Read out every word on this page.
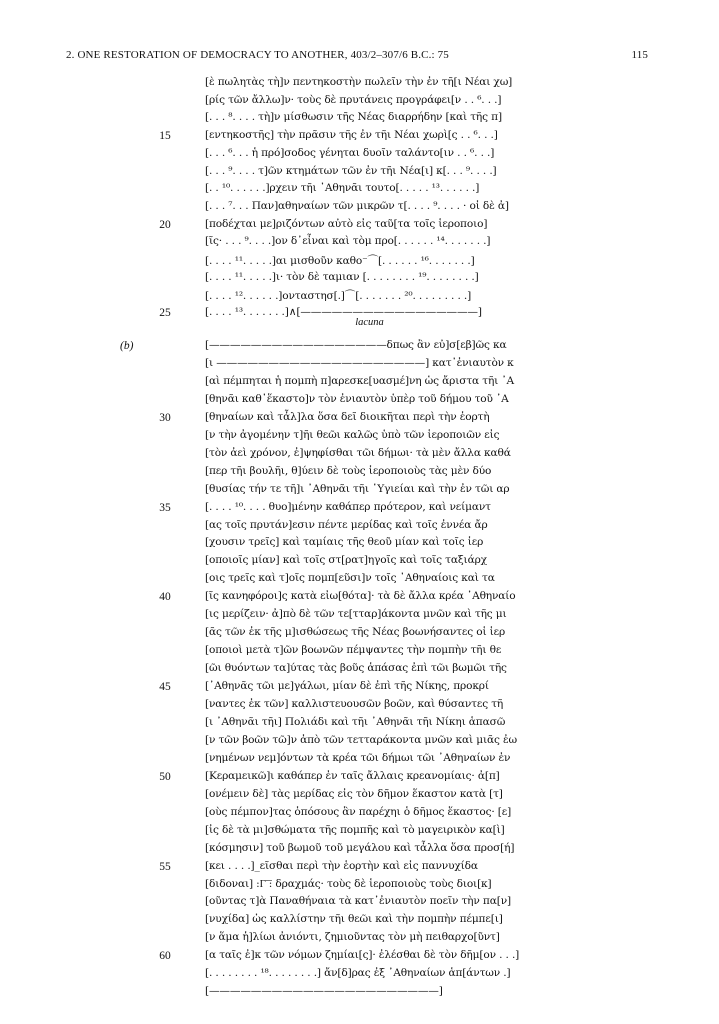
2. ONE RESTORATION OF DEMOCRACY TO ANOTHER, 403/2–307/6 B.C.: 75	115
[ὲ πωλητὰς τὴ]ν πεντηκοστὴν πωλεῖν τὴν ἐν τῆ[ι Νέαι χω]
[ρίς τῶν ἄλλω]ν· τοὺς δὲ πρυτάνεις προγράφει[ν . . ⁶. . .]
[. . . ⁸. . . . τὴ]ν μίσθωσιν τῆς Νέας διαρρήδην [καὶ τῆς π]
15	[εντηκοστῆς] τὴν πρᾶσιν τῆς ἐν τῆι Νέαι χωρὶ[ς . . ⁶. . .]
[. . . ⁶. . . ἡ πρό]σοδος γένηται δυοῖν ταλάντο[ιν . . ⁶. . .]
[. . . ⁹. . . . τ]ῶν κτημάτων τῶν ἐν τῆι Νέα[ι] κ[. . . ⁹. . . .]
[. . ¹⁰. . . . . .]ρχειν τῆι ᾿Αθηνᾶι τουτο[. . . . . ¹³. . . . . .]
[. . . ⁷. . . Παν]αθηναίων τῶν μικρῶν τ[. . . . ⁹. . . . · οἱ δὲ ἀ]
20	[ποδέχται με]ριζόντων αὐτὸ εἰς ταῦ[τα τοῖς ἱεροποιο]
[ῖς· . . . ⁹. . . .]ον δ᾿εἶναι καὶ τὸμ προ[. . . . . . ¹⁴. . . . . . .]
[. . . . ¹¹. . . . .]αι μισθοῦν καθο⁻⌒[. . . . . . ¹⁶. . . . . . .]
[. . . . ¹¹. . . . .]ι· τὸν δὲ ταμιαν [. . . . . . . . ¹⁹. . . . . . . .]
[. . . . ¹². . . . . .]ονταστησ[.]⌒[. . . . . . . ²⁰. . . . . . . . .]
25	[. . . . ¹³. . . . . . .]∧[—————————————————]
lacuna
(b)	[—————————————————δπως ἂν εὐ]σ[εβ]ῶς κα
[ι ————————————————————] κατ᾿ἐνιαυτὸν κ
[αὶ πέμπηται ἡ πομπὴ π]αρεσκε[υασμέ]νη ὡς ἄριστα τῆι ᾿Α
[θηνᾶι καθ᾿ἕκαστο]ν τὸν ἐνιαυτὸν ὑπὲρ τοῦ δήμου τοῦ ᾿Α
30	[θηναίων καὶ τἆλ]λα ὅσα δεῖ διοικῆται περὶ τὴν ἑορτὴ
[ν τὴν ἀγομένην τ]ῆι θεῶι καλῶς ὑπὸ τῶν ἱεροποιῶν εἰς
[τὸν ἀεὶ χρόνον, ἐ]ψηφίσθαι τῶι δήμωι· τὰ μὲν ἄλλα καθά
[περ τῆι βουλῆι, θ]ύειν δὲ τοὺς ἱεροποιοὺς τὰς μὲν δύο
[θυσίας τήν τε τῆ]ι ᾿Αθηνᾶι τῆι ῾Υγιείαι καὶ τὴν ἐν τῶι αρ
35	[. . . . ¹⁰. . . . θυο]μένην καθάπερ πρότερον, καὶ νείμαντ
[ας τοῖς πρυτάν]εσιν πέντε μερίδας καὶ τοῖς ἐννέα ἄρ
[χουσιν τρεῖς] καὶ ταμίαις τῆς θεοῦ μίαν καὶ τοῖς ἱερ
[οποιοῖς μίαν] καὶ τοῖς στ[ρατ]ηγοῖς καὶ τοῖς ταξιάρχ
[οις τρεῖς καὶ τ]οῖς πομπ[εῦσι]ν τοῖς ᾿Αθηναίοις καὶ τα
40	[ῖς κανηφόροι]ς κατὰ εἰω[θότα]· τὰ δὲ ἄλλα κρέα ᾿Αθηναίο
[ις μερίζειν· ἀ]πὸ δὲ τῶν τε[τταρ]άκοντα μνῶν καὶ τῆς μι
[ᾶς τῶν ἐκ τῆς μ]ισθώσεως τῆς Νέας βοωνήσαντες οἱ ἱερ
[οποιοὶ μετὰ τ]ῶν βοωνῶν πέμψαντες τὴν πομπὴν τῆι θε
[ῶι θυόντων τα]ύτας τὰς βοῦς ἁπάσας ἐπὶ τῶι βωμῶι τῆς
45	[᾿Αθηνᾶς τῶι με]γάλωι, μίαν δὲ ἐπὶ τῆς Νίκης, προκρί
[ναντες ἐκ τῶν] καλλιστευουσῶν βοῶν, καὶ θύσαντες τῆ
[ι ᾿Αθηνᾶι τῆι] Πολιάδι καὶ τῆι ᾿Αθηνᾶι τῆι Νίκηι ἁπασῶ
[ν τῶν βοῶν τῶ]ν ἀπὸ τῶν τετταράκοντα μνῶν καὶ μιᾶς ἐω
[νημένων νεμ]όντων τὰ κρέα τῶι δήμωι τῶι ᾿Αθηναίων ἐν
50	[Κεραμεικῶ]ι καθάπερ ἐν ταῖς ἄλλαις κρεανομίαις· ἀ[π]
[ονέμειν δὲ] τὰς μερίδας εἰς τὸν δῆμον ἕκαστον κατὰ [τ]
[οὺς πέμπον]τας ὁπόσους ἂν παρέχηι ὁ δῆμος ἕκαστος· [ε]
[ἰς δὲ τὰ μι]σθώματα τῆς πομπῆς καὶ τὸ μαγειρικὸν κα[ὶ]
[κόσμησιν] τοῦ βωμοῦ τοῦ μεγάλου καὶ τἆλλα ὅσα προσ[ή]
55	[κει . . . .]_εῖσθαι περὶ τὴν ἑορτὴν καὶ εἰς παννυχίδα
[διδοναι] :Γ͞ : δραχμάς· τοὺς δὲ ἱεροποιοὺς τοὺς διοι[κ]
[οῦντας τ]ὰ Παναθήναια τὰ κατ᾿ἐνιαυτὸν ποεῖν τὴν πα[ν]
[νυχίδα] ὡς καλλίστην τῆι θεῶι καὶ τὴν πομπὴν πέμπε[ι]
[ν ἅμα ἡ]λίωι ἀνιόντι, ζημιοῦντας τὸν μὴ πειθαρχο[ῦντ]
60	[α ταῖς ἐ]κ τῶν νόμων ζημίαι[ς]· ἐλέσθαι δὲ τὸν δῆμ[ον . . .]
[. . . . . . . . ¹⁸. . . . . . . .] ἄν[δ]ρας ἐξ ᾿Αθηναίων ἁπ[άντων .]
[——————————————————————]
